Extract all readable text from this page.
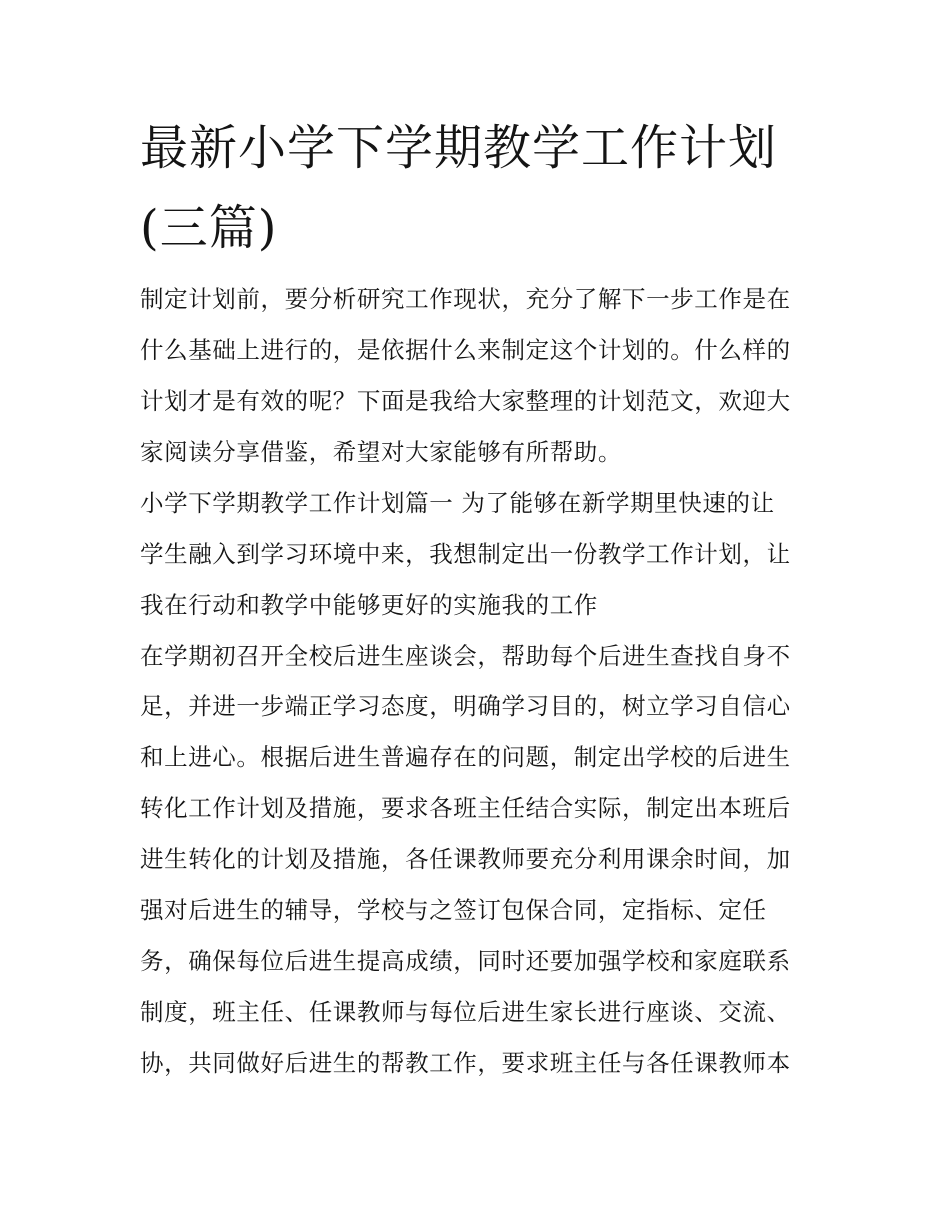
最新小学下学期教学工作计划
(三篇)
制定计划前，要分析研究工作现状，充分了解下一步工作是在
什么基础上进行的，是依据什么来制定这个计划的。什么样的
计划才是有效的呢？下面是我给大家整理的计划范文，欢迎大
家阅读分享借鉴，希望对大家能够有所帮助。
小学下学期教学工作计划篇一 为了能够在新学期里快速的让
学生融入到学习环境中来，我想制定出一份教学工作计划，让
我在行动和教学中能够更好的实施我的工作
在学期初召开全校后进生座谈会，帮助每个后进生查找自身不
足，并进一步端正学习态度，明确学习目的，树立学习自信心
和上进心。根据后进生普遍存在的问题，制定出学校的后进生
转化工作计划及措施，要求各班主任结合实际，制定出本班后
进生转化的计划及措施，各任课教师要充分利用课余时间，加
强对后进生的辅导，学校与之签订包保合同，定指标、定任
务，确保每位后进生提高成绩，同时还要加强学校和家庭联系
制度，班主任、任课教师与每位后进生家长进行座谈、交流、
协，共同做好后进生的帮教工作，要求班主任与各任课教师本
